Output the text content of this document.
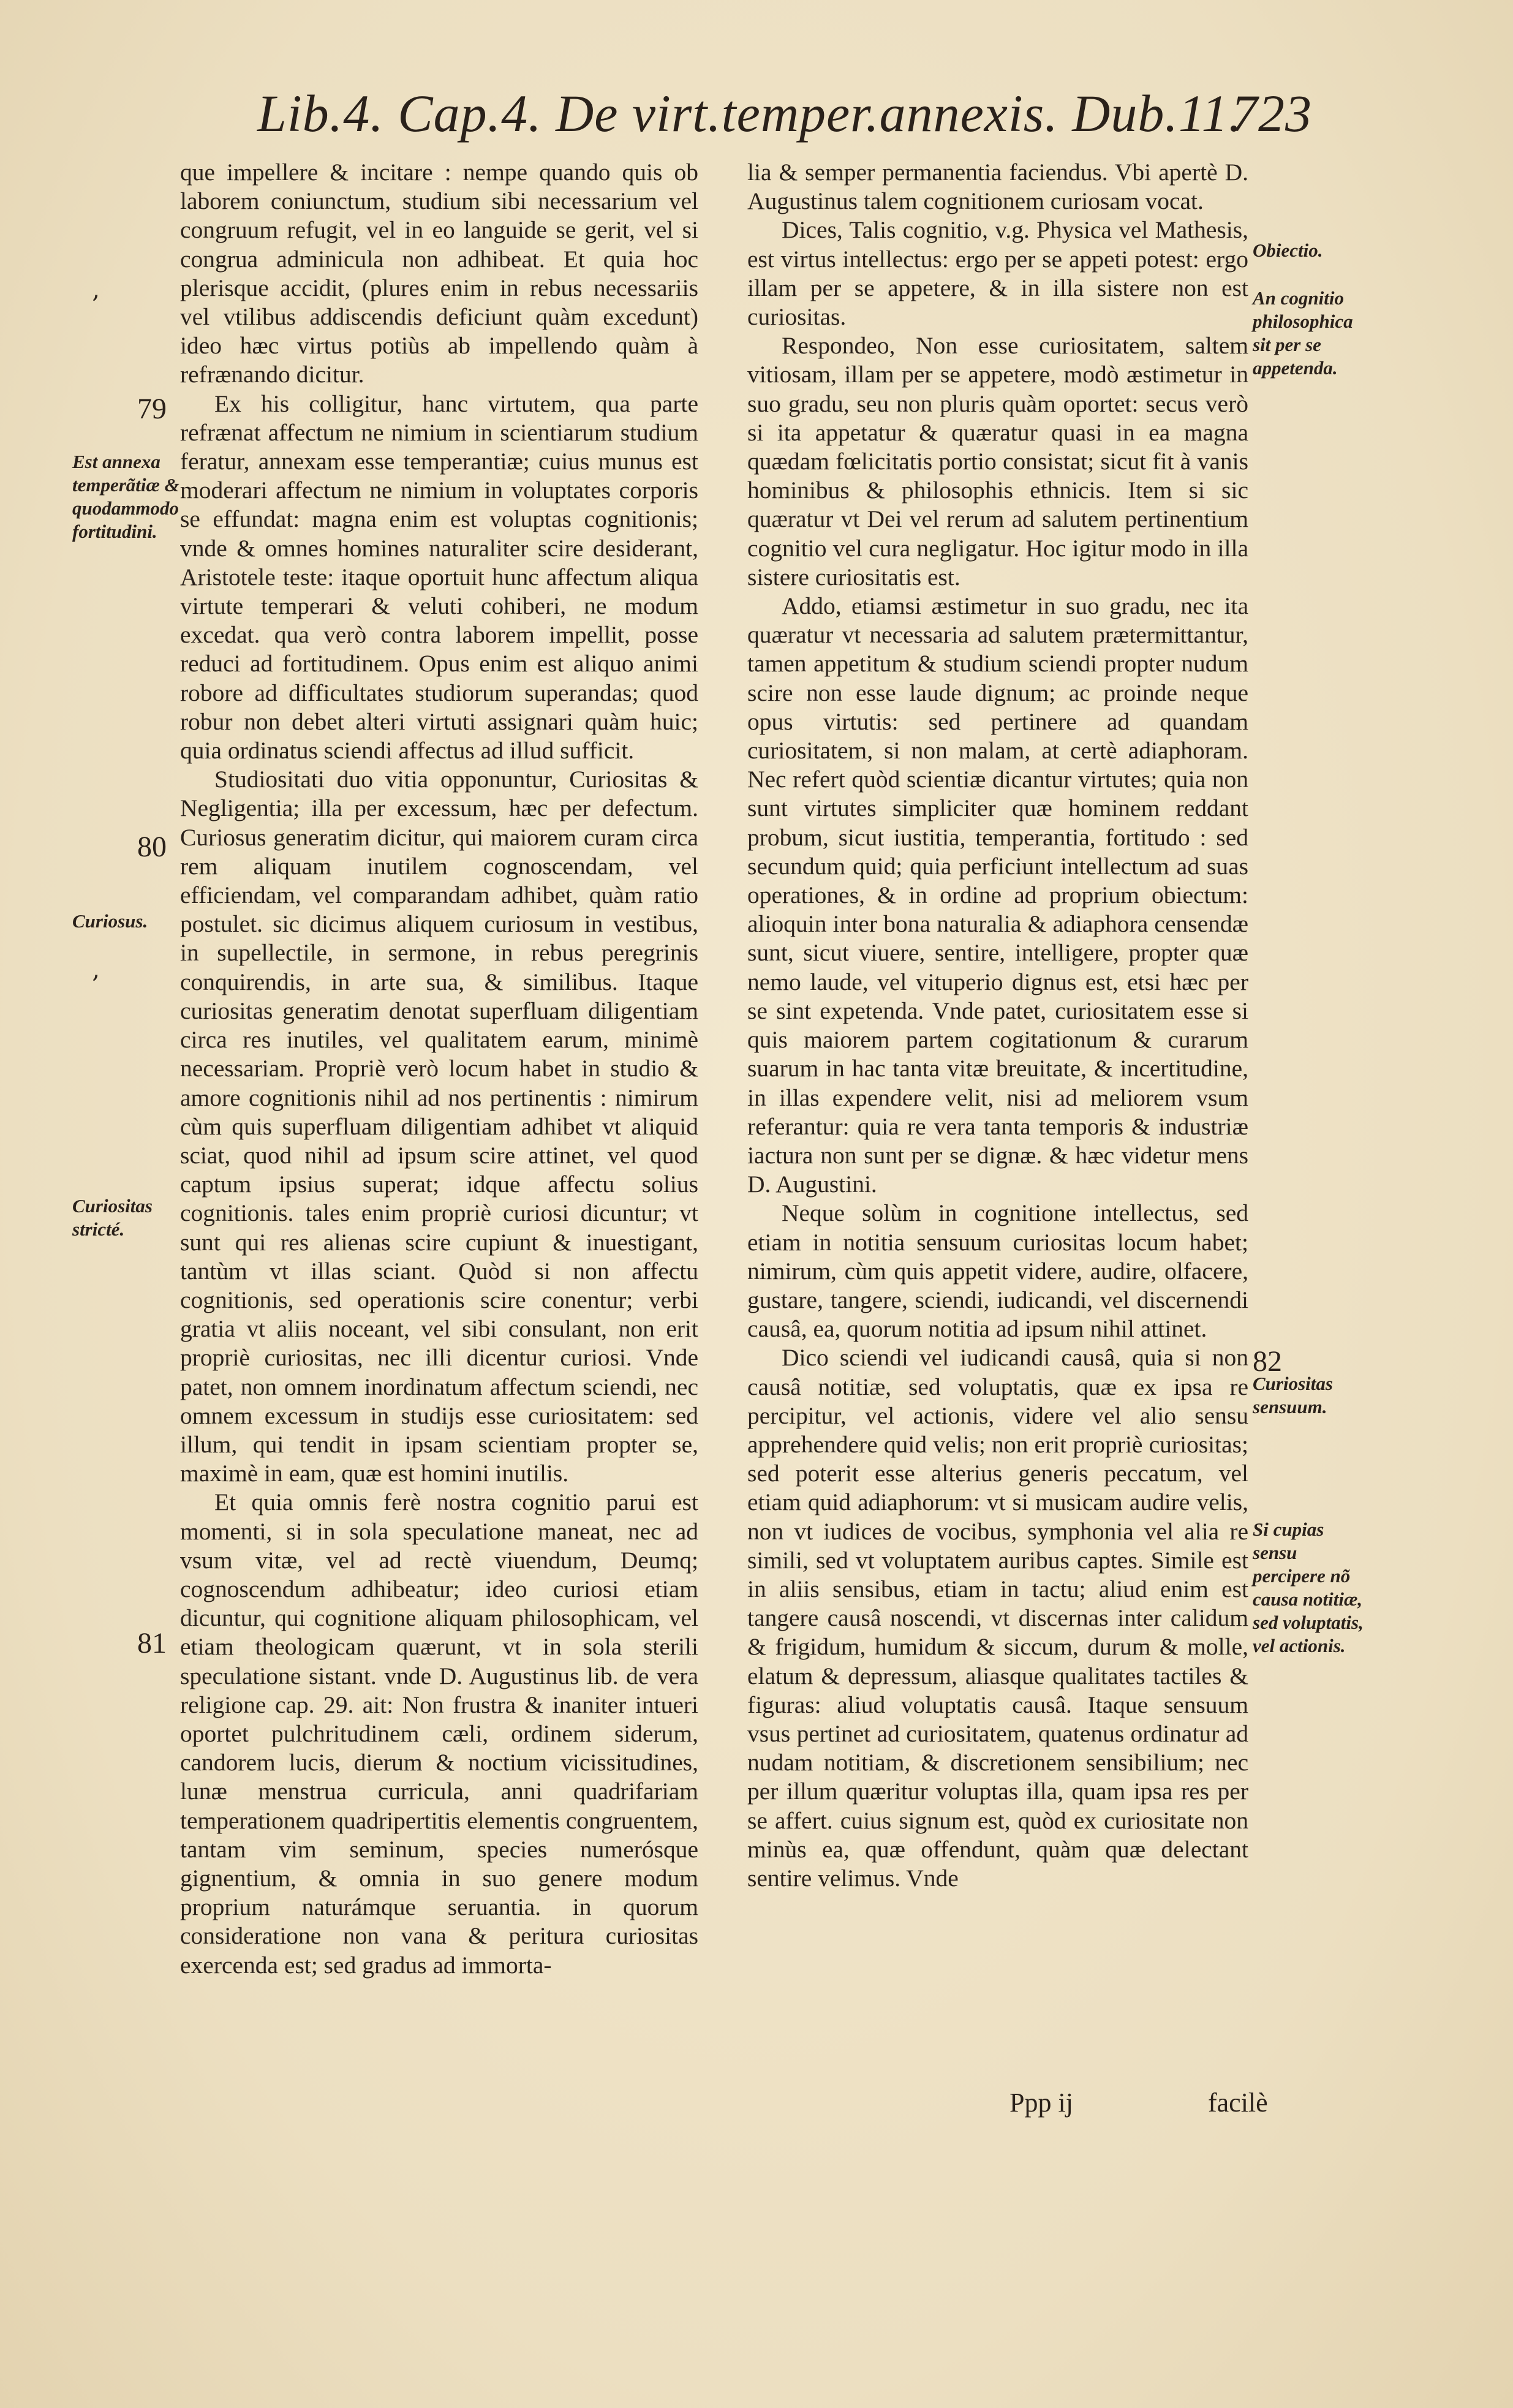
Lib.4. Cap.4. De virt.temper.annexis. Dub.11.
723

que impellere & incitare : nempe quando quis ob laborem coniunctum, studium sibi necessarium vel congruum refugit, vel in eo languide se gerit, vel si congrua adminicula non adhibeat. Et quia hoc plerisque accidit, (plures enim in rebus necessariis vel vtilibus addiscendis deficiunt quàm excedunt) ideo hæc virtus potiùs ab impellendo quàm à refrænando dicitur.

Ex his colligitur, hanc virtutem, qua parte refrænat affectum ne nimium in scientiarum studium feratur, annexam esse temperantiæ; cuius munus est moderari affectum ne nimium in voluptates corporis se effundat: magna enim est voluptas cognitionis; vnde & omnes homines naturaliter scire desiderant, Aristotele teste: itaque oportuit hunc affectum aliqua virtute temperari & veluti cohiberi, ne modum excedat. qua verò contra laborem impellit, posse reduci ad fortitudinem. Opus enim est aliquo animi robore ad difficultates studiorum superandas; quod robur non debet alteri virtuti assignari quàm huic; quia ordinatus sciendi affectus ad illud sufficit.

Studiositati duo vitia opponuntur, Curiositas & Negligentia; illa per excessum, hæc per defectum. Curiosus generatim dicitur, qui maiorem curam circa rem aliquam inutilem cognoscendam, vel efficiendam, vel comparandam adhibet, quàm ratio postulet. sic dicimus aliquem curiosum in vestibus, in supellectile, in sermone, in rebus peregrinis conquirendis, in arte sua, & similibus. Itaque curiositas generatim denotat superfluam diligentiam circa res inutiles, vel qualitatem earum, minimè necessariam. Propriè verò locum habet in studio & amore cognitionis nihil ad nos pertinentis : nimirum cùm quis superfluam diligentiam adhibet vt aliquid sciat, quod nihil ad ipsum scire attinet, vel quod captum ipsius superat; idque affectu solius cognitionis. tales enim propriè curiosi dicuntur; vt sunt qui res alienas scire cupiunt & inuestigant, tantùm vt illas sciant. Quòd si non affectu cognitionis, sed operationis scire conentur; verbi gratia vt aliis noceant, vel sibi consulant, non erit propriè curiositas, nec illi dicentur curiosi. Vnde patet, non omnem inordinatum affectum sciendi, nec omnem excessum in studijs esse curiositatem: sed illum, qui tendit in ipsam scientiam propter se, maximè in eam, quæ est homini inutilis.

Et quia omnis ferè nostra cognitio parui est momenti, si in sola speculatione maneat, nec ad vsum vitæ, vel ad rectè viuendum, Deumq; cognoscendum adhibeatur; ideo curiosi etiam dicuntur, qui cognitione aliquam philosophicam, vel etiam theologicam quærunt, vt in sola sterili speculatione sistant. vnde D. Augustinus lib. de vera religione cap. 29. ait: Non frustra & inaniter intueri oportet pulchritudinem cæli, ordinem siderum, candorem lucis, dierum & noctium vicissitudines, lunæ menstrua curricula, anni quadrifariam temperationem quadripertitis elementis congruentem, tantam vim seminum, species numerósque gignentium, & omnia in suo genere modum proprium naturámque seruantia. in quorum consideratione non vana & peritura curiositas exercenda est; sed gradus ad immorta-

lia & semper permanentia faciendus. Vbi apertè D. Augustinus talem cognitionem curiosam vocat.

Dices, Talis cognitio, v.g. Physica vel Mathesis, est virtus intellectus: ergo per se appeti potest: ergo illam per se appetere, & in illa sistere non est curiositas.

Respondeo, Non esse curiositatem, saltem vitiosam, illam per se appetere, modò æstimetur in suo gradu, seu non pluris quàm oportet: secus verò si ita appetatur & quæratur quasi in ea magna quædam fœlicitatis portio consistat; sicut fit à vanis hominibus & philosophis ethnicis. Item si sic quæratur vt Dei vel rerum ad salutem pertinentium cognitio vel cura negligatur. Hoc igitur modo in illa sistere curiositatis est.

Addo, etiamsi æstimetur in suo gradu, nec ita quæratur vt necessaria ad salutem prætermittantur, tamen appetitum & studium sciendi propter nudum scire non esse laude dignum; ac proinde neque opus virtutis: sed pertinere ad quandam curiositatem, si non malam, at certè adiaphoram. Nec refert quòd scientiæ dicantur virtutes; quia non sunt virtutes simpliciter quæ hominem reddant probum, sicut iustitia, temperantia, fortitudo : sed secundum quid; quia perficiunt intellectum ad suas operationes, & in ordine ad proprium obiectum: alioquin inter bona naturalia & adiaphora censendæ sunt, sicut viuere, sentire, intelligere, propter quæ nemo laude, vel vituperio dignus est, etsi hæc per se sint expetenda. Vnde patet, curiositatem esse si quis maiorem partem cogitationum & curarum suarum in hac tanta vitæ breuitate, & incertitudine, in illas expendere velit, nisi ad meliorem vsum referantur: quia re vera tanta temporis & industriæ iactura non sunt per se dignæ. & hæc videtur mens D. Augustini.

Neque solùm in cognitione intellectus, sed etiam in notitia sensuum curiositas locum habet; nimirum, cùm quis appetit videre, audire, olfacere, gustare, tangere, sciendi, iudicandi, vel discernendi causâ, ea, quorum notitia ad ipsum nihil attinet.

Dico sciendi vel iudicandi causâ, quia si non causâ notitiæ, sed voluptatis, quæ ex ipsa re percipitur, vel actionis, videre vel alio sensu apprehendere quid velis; non erit propriè curiositas; sed poterit esse alterius generis peccatum, vel etiam quid adiaphorum: vt si musicam audire velis, non vt iudices de vocibus, symphonia vel alia re simili, sed vt voluptatem auribus captes. Simile est in aliis sensibus, etiam in tactu; aliud enim est tangere causâ noscendi, vt discernas inter calidum & frigidum, humidum & siccum, durum & molle, elatum & depressum, aliasque qualitates tactiles & figuras: aliud voluptatis causâ. Itaque sensuum vsus pertinet ad curiositatem, quatenus ordinatur ad nudam notitiam, & discretionem sensibilium; nec per illum quæritur voluptas illa, quam ipsa res per se affert. cuius signum est, quòd ex curiositate non minùs ea, quæ offendunt, quàm quæ delectant sentire velimus. Vnde

79
80
81
82
Est annexa temperãtiæ & quodammodo fortitudini.
Curiosus.
Curiositas stricté.
Obiectio.
An cognitio philosophica sit per se appetenda.
Curiositas sensuum.
Si cupias sensu percipere nõ causa notitiæ, sed voluptatis, vel actionis.
‚
‚
Ppp ij	facilè
